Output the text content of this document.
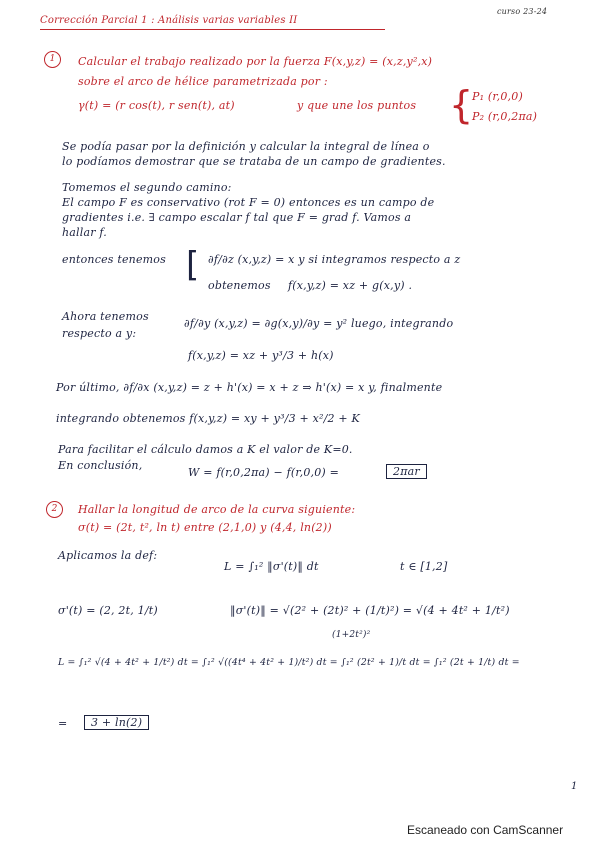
Corrección Parcial 1 : Análisis varias variables II
curso 23-24
1	Calcular el trabajo realizado por la fuerza F(x,y,z) = (x,z,y²,x)
sobre el arco de hélice parametrizada por :
γ(t) = (r cos(t), r sen(t), at)	y que une los puntos {
P₁ (r,0,0)
P₂ (r,0,2πa)
Se podía pasar por la definición y calcular la integral de línea o
lo podíamos demostrar que se trataba de un campo de gradientes.
Tomemos el segundo camino:
El campo F es conservativo (rot F = 0) entonces es un campo de
gradientes i.e. ∃ campo escalar f tal que F = grad f. Vamos a
hallar f.
entonces tenemos [ ∂f/∂z (x,y,z) = x y si integramos respecto a z
obtenemos f(x,y,z) = xz + g(x,y) .
Ahora tenemos
respecto a y:
∂f/∂y (x,y,z) = ∂g(x,y)/∂y = y² luego, integrando
f(x,y,z) = xz + y³/3 + h(x)
Por último, ∂f/∂x (x,y,z) = z + h'(x) = x + z ⇒ h'(x) = x y, finalmente
integrando obtenemos f(x,y,z) = xy + y³/3 + x²/2 + K
Para facilitar el cálculo damos a K el valor de K=0.
En conclusión,
W = f(r,0,2πa) − f(r,0,0) =	2πar
2	Hallar la longitud de arco de la curva siguiente:
σ(t) = (2t, t², ln t) entre (2,1,0) y (4,4, ln(2))
Aplicamos la def:
L = ∫₁² ‖σ'(t)‖ dt	t ∈ [1,2]
σ'(t) = (2, 2t, 1/t)	‖σ'(t)‖ = √(2² + (2t)² + (1/t)²) = √(4 + 4t² + 1/t²)
(1+2t²)²
L = ∫₁² √(4 + 4t² + 1/t²) dt = ∫₁² √((4t⁴ + 4t² + 1)/t²) dt = ∫₁² (2t² + 1)/t dt = ∫₁² (2t + 1/t) dt =
=	3 + ln(2)
1
Escaneado con CamScanner
